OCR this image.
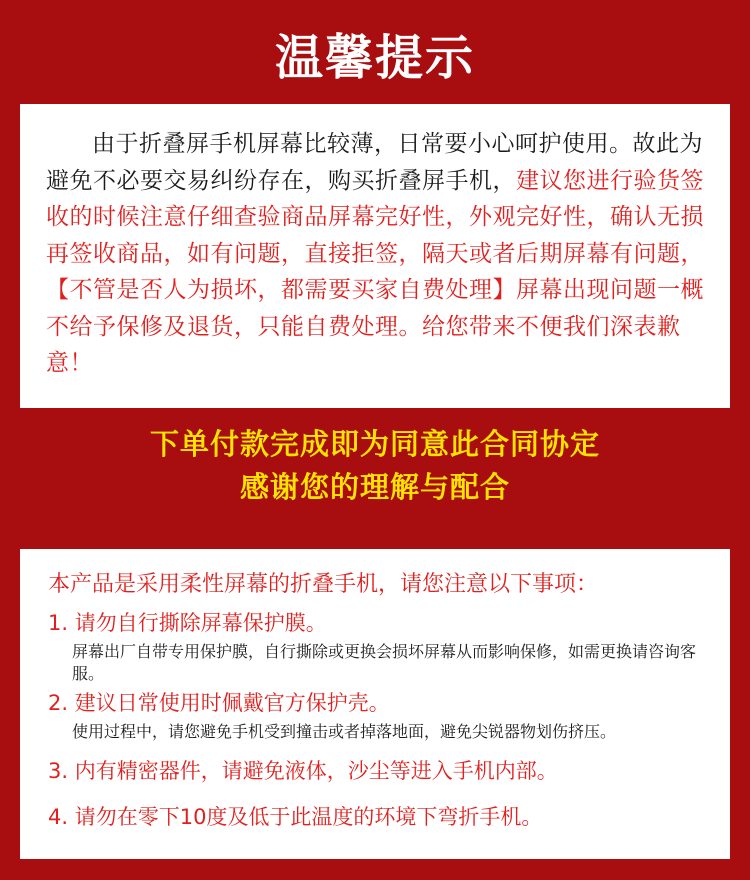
温馨提示

由于折叠屏手机屏幕比较薄，日常要小心呵护使用。故此为避免不必要交易纠纷存在，购买折叠屏手机，建议您进行验货签收的时候注意仔细查验商品屏幕完好性，外观完好性，确认无损再签收商品，如有问题，直接拒签，隔天或者后期屏幕有问题，【不管是否人为损坏，都需要买家自费处理】屏幕出现问题一概不给予保修及退货，只能自费处理。给您带来不便我们深表歉意！

下单付款完成即为同意此合同协定
感谢您的理解与配合

本产品是采用柔性屏幕的折叠手机，请您注意以下事项：

1. 请勿自行撕除屏幕保护膜。

屏幕出厂自带专用保护膜，自行撕除或更换会损坏屏幕从而影响保修，如需更换请咨询客服。

2. 建议日常使用时佩戴官方保护壳。

使用过程中，请您避免手机受到撞击或者掉落地面，避免尖锐器物划伤挤压。

3. 内有精密器件，请避免液体，沙尘等进入手机内部。

4. 请勿在零下10度及低于此温度的环境下弯折手机。
